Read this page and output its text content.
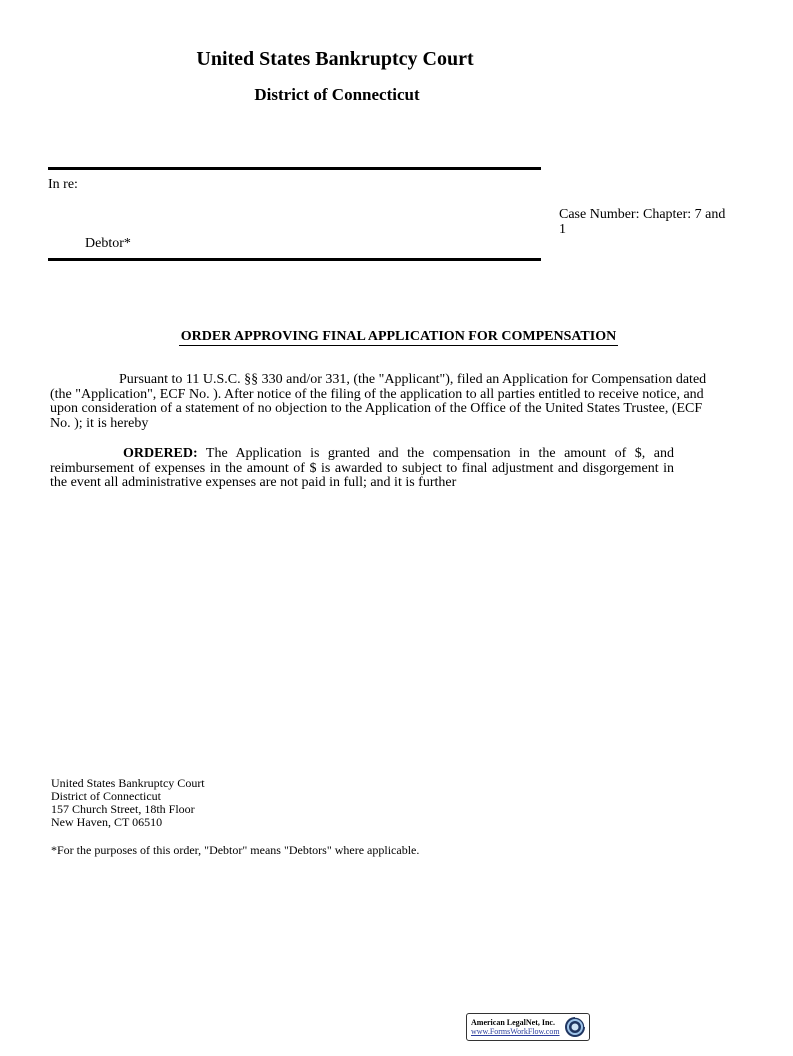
United States Bankruptcy Court
District of Connecticut
In re:
Debtor*
Case Number: Chapter: 7 and 1
ORDER APPROVING FINAL APPLICATION FOR COMPENSATION
Pursuant to 11 U.S.C. §§ 330 and/or 331, (the "Applicant"), filed an Application for Compensation dated (the "Application", ECF No. ). After notice of the filing of the application to all parties entitled to receive notice, and upon consideration of a statement of no objection to the Application of the Office of the United States Trustee, (ECF No. ); it is hereby
ORDERED: The Application is granted and the compensation in the amount of $, and reimbursement of expenses in the amount of $ is awarded to subject to final adjustment and disgorgement in the event all administrative expenses are not paid in full; and it is further
United States Bankruptcy Court
District of Connecticut
157 Church Street, 18th Floor
New Haven, CT 06510
*For the purposes of this order, "Debtor" means "Debtors" where applicable.
American LegalNet, Inc.
www.FormsWorkFlow.com
